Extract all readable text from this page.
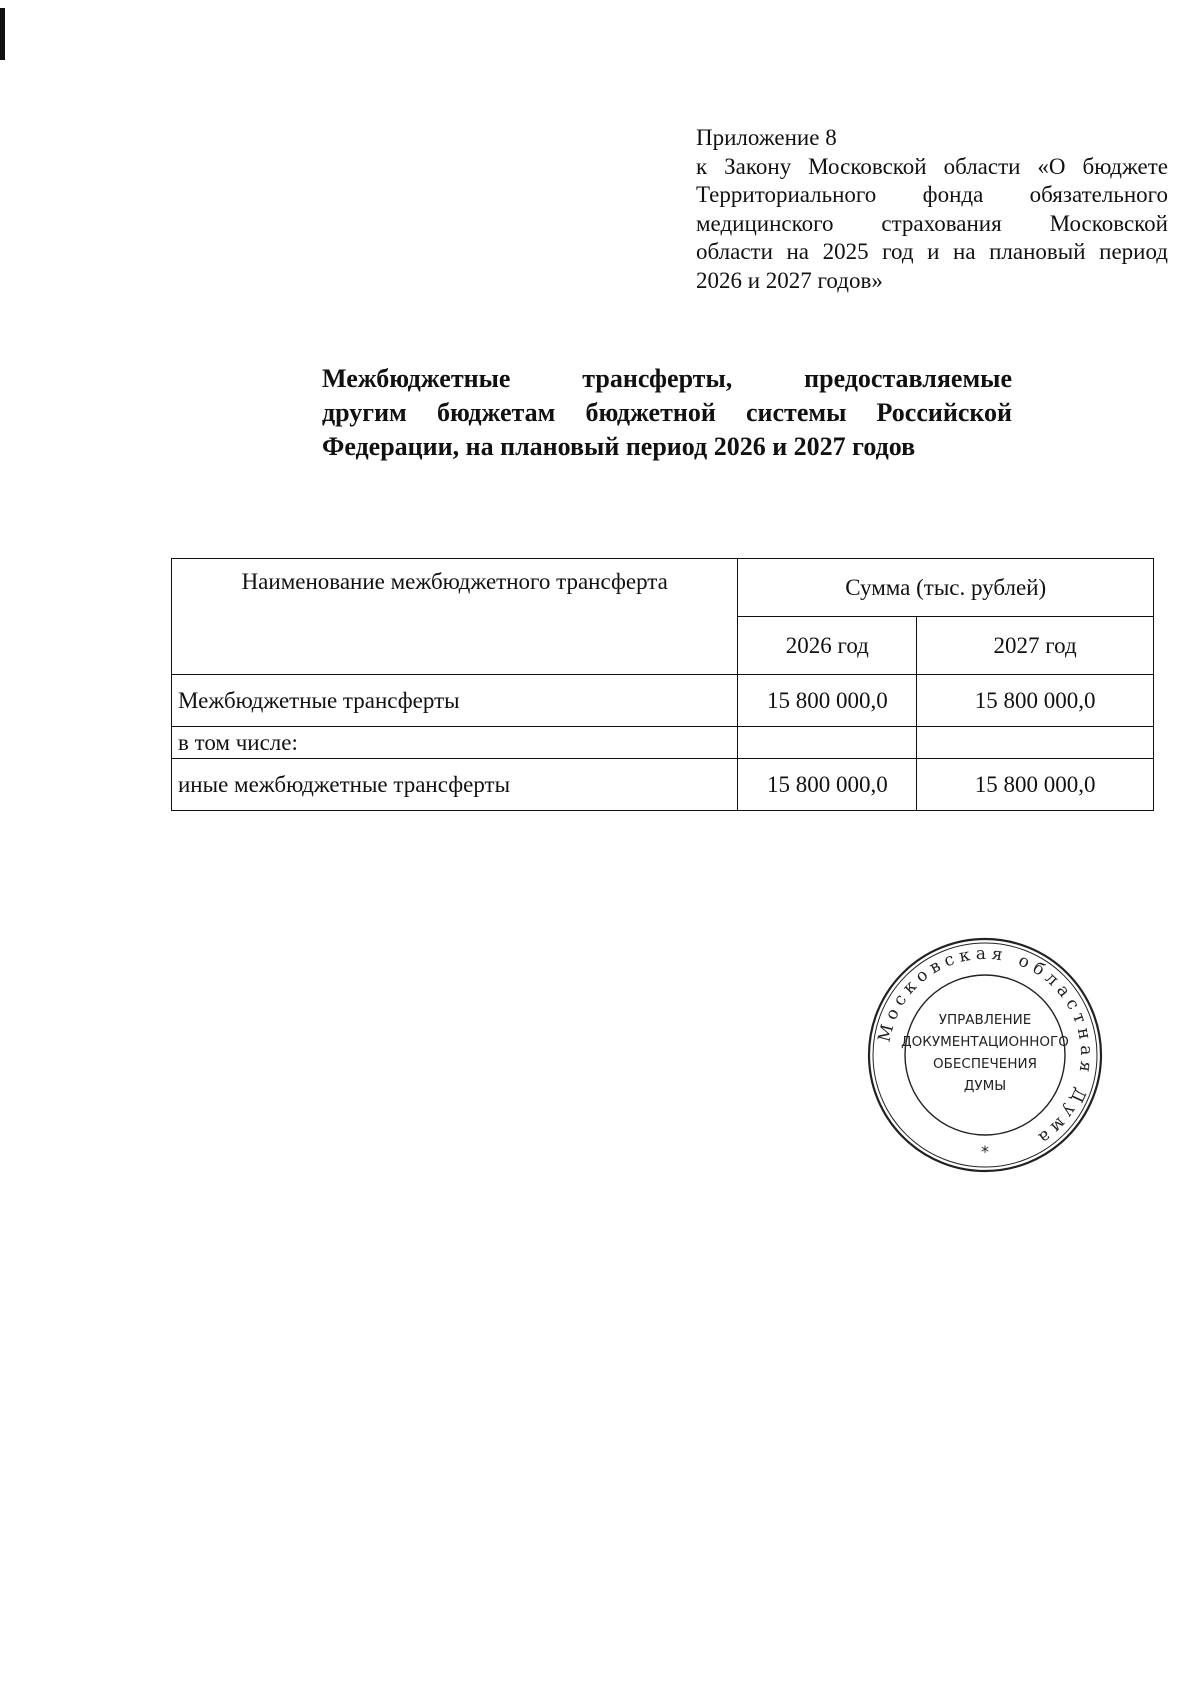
Приложение 8
к Закону Московской области «О бюджете
Территориального фонда обязательного
медицинского страхования Московской
области на 2025 год и на плановый период
2026 и 2027 годов»
Межбюджетные трансферты, предоставляемые
другим бюджетам бюджетной системы Российской
Федерации, на плановый период 2026 и 2027 годов
Наименование межбюджетного трансферта	Сумма (тыс. рублей)	
	2026 год	2027 год
Межбюджетные трансферты	15 800 000,0	15 800 000,0
в том числе:		
иные межбюджетные трансферты	15 800 000,0	15 800 000,0
Московская областная Дума
УПРАВЛЕНИЕ
ДОКУМЕНТАЦИОННОГО
ОБЕСПЕЧЕНИЯ
ДУМЫ
*
